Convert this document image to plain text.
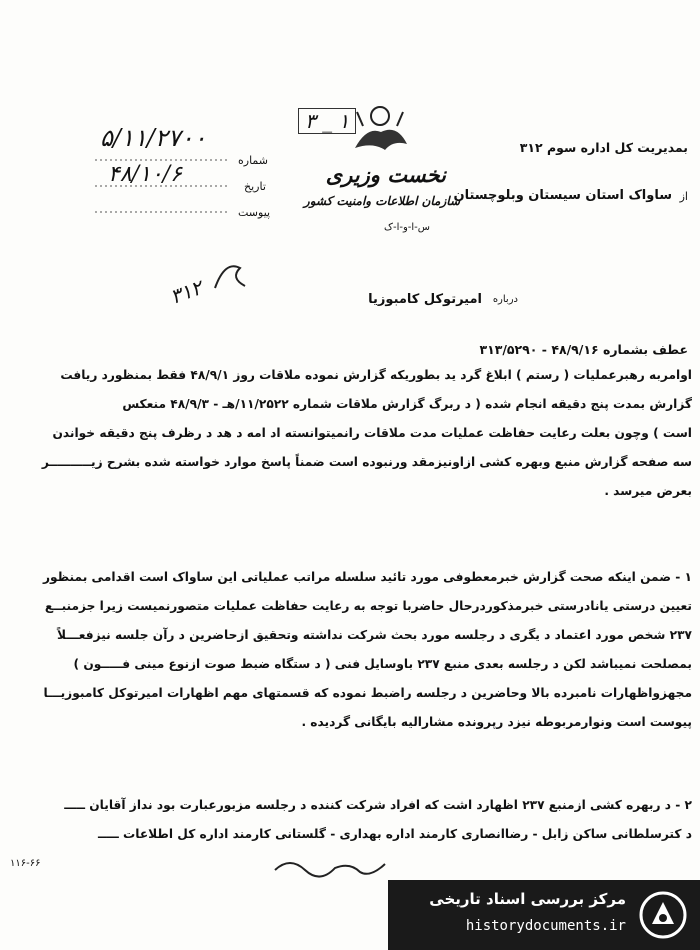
بمدیریت کل اداره سوم ۳۱۲
از
ساواک استان سیستان وبلوچستان
شماره
تاریخ
پیوست
۵/۱۱/۲۷۰۰
۴۸/۱۰/۶
۳ _ ۱
نخست وزیری
سازمان اطلاعات وامنیت کشور
س-ا-و-ا-ک
۳۱۲	درباره
امیرتوکل کامبوزیا
عطف بشماره ۴۸/۹/۱۶ - ۳۱۳/۵۲۹۰
اوامربه رهبرعملیات ( رستم ) ابلاغ گرد ید بطوریکه گزارش نموده ملاقات روز ۴۸/۹/۱ فقط بمنظورد ریافت
گزارش بمدت پنج دقیقه انجام شده ( د ربرگ گزارش ملاقات شماره ۱۱/۲۵۲۲/هـ - ۴۸/۹/۳ منعکس
است ) وچون بعلت رعایت حفاظت عملیات مدت ملاقات رانمیتوانسته اد امه د هد د رظرف پنج دقیقه خواندن
سه صفحه گزارش منبع وبهره کشی ازاونیزمقد ورنبوده است ضمناً پاسخ موارد خواسته شده بشرح زیــــــــــر
بعرض میرسد .
۱ - ضمن اینکه صحت گزارش خبرمعطوفی مورد تائید سلسله مراتب عملیاتی این ساواک است اقدامی بمنظور
تعیین درستی یانادرستی خبرمذکوردرحال حاضربا توجه به رعایت حفاظت عملیات متصورنمیست زیرا جزمنبــع
۲۳۷ شخص مورد اعتماد د یگری د رجلسه مورد بحث شرکت نداشته وتحقیق ازحاضرین د رآن جلسه نیزفعـــلاً
بمصلحت نمیباشد لکن د رجلسه بعدی منبع ۲۳۷ باوسایل فنی ( د ستگاه ضبط صوت ازنوع مینی فـــــون )
مجهزواظهارات نامبرده بالا وحاضرین د رجلسه راضبط نموده که قسمتهای مهم اظهارات امیرتوکل کامبوزیـــا
پیوست است ونوارمربوطه نیزد رپرونده مشارالیه بایگانی گردیده .
۲ - د ربهره کشی ازمنبع ۲۳۷ اظهارد اشت که افراد شرکت کننده د رجلسه مزبورعبارت بود نداز آقایان ـــــ
د کترسلطانی ساکن زابل - رضاانصاری کارمند اداره بهداری - گلستانی کارمند اداره کل اطلاعات ـــــ
۱۱۶-۶۶
مرکز بررسی اسناد تاریخی
historydocuments.ir
